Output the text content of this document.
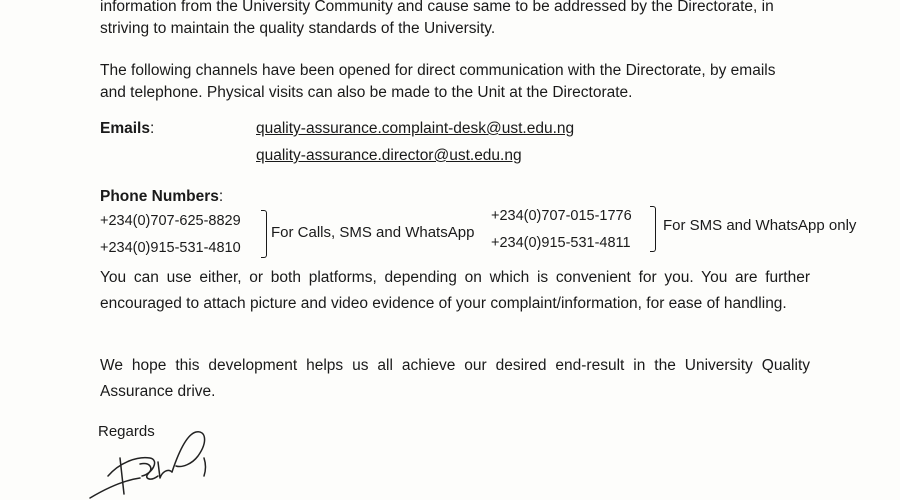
information from the University Community and cause same to be addressed by the Directorate, in
striving to maintain the quality standards of the University.

The following channels have been opened for direct communication with the Directorate, by emails
and telephone. Physical visits can also be made to the Unit at the Directorate.

Emails:	quality-assurance.complaint-desk@ust.edu.ng
quality-assurance.director@ust.edu.ng
Phone Numbers:
+234(0)707-625-8829
+234(0)915-531-4810
For Calls, SMS and WhatsApp
+234(0)707-015-1776
+234(0)915-531-4811
For SMS and WhatsApp only

You can use either, or both platforms, depending on which is convenient for you. You are further encouraged to attach picture and video evidence of your complaint/information, for ease of handling.

We hope this development helps us all achieve our desired end-result in the University Quality Assurance drive.

Regards
